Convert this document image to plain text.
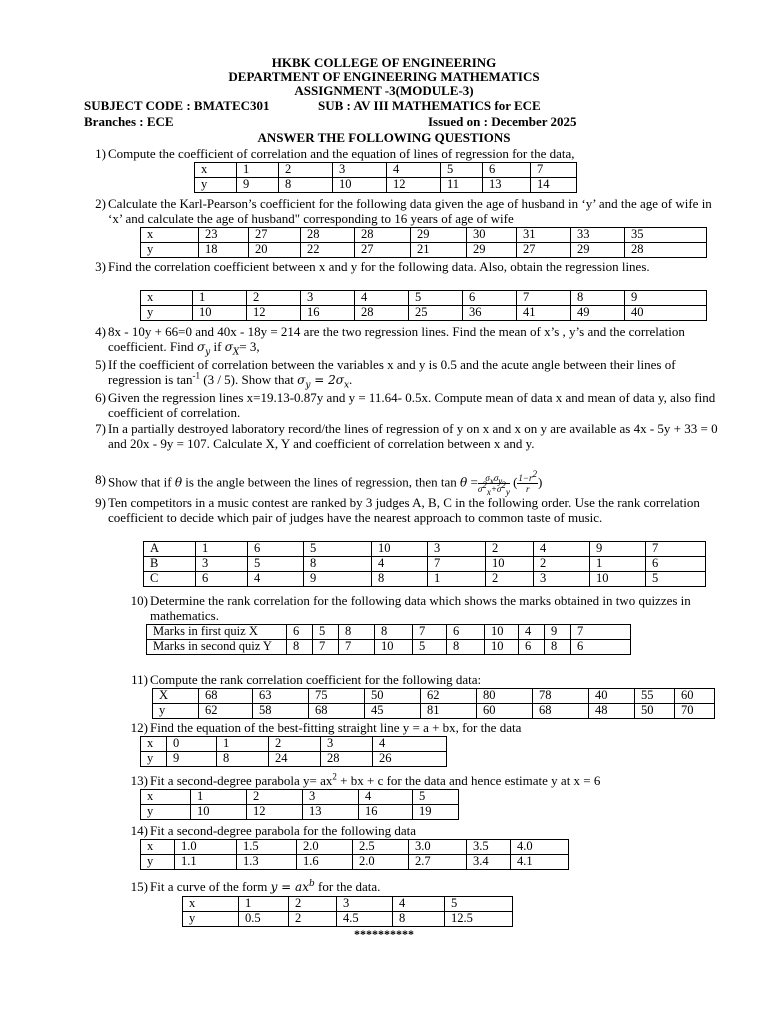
HKBK COLLEGE OF ENGINEERING
DEPARTMENT OF ENGINEERING MATHEMATICS
ASSIGNMENT -3(MODULE-3)
SUBJECT CODE : BMATEC301	SUB : AV III MATHEMATICS for ECE
Branches : ECE	Issued on : December 2025
ANSWER THE FOLLOWING QUESTIONS
1) Compute the coefficient of correlation and the equation of lines of regression for the data,
x	1	2	3	4	5	6	7
y	9	8	10	12	11	13	14
2) Calculate the Karl-Pearson’s coefficient for the following data given the age of husband in ‘y’ and the age of wife in ‘x’ and calculate the age of husband" corresponding to 16 years of age of wife
x	23	27	28	28	29	30	31	33	35	
y	18	20	22	27	21	29	27	29	28	
3) Find the correlation coefficient between x and y for the following data. Also, obtain the regression lines.
x	1	2	3	4	5	6	7	8	9	
y	10	12	16	28	25	36	41	49	40	
4) 8x - 10y + 66=0 and 40x - 18y = 214 are the two regression lines. Find the mean of x’s , y’s and the correlation coefficient. Find $\sigma_y$ if $\sigma_X= 3$,
5) If the coefficient of correlation between the variables x and y is 0.5 and the acute angle between their lines of regression is $\tan^{-1} (3 / 5)$. Show that $\sigma_y = 2\sigma_x$.
6) Given the regression lines x=19.13-0.87y and y = 11.64- 0.5x. Compute mean of data x and mean of data y, also find coefficient of correlation.
7) In a partially destroyed laboratory record/the lines of regression of y on x and x on y are available as 4x - 5y + 33 = 0 and 20x - 9y = 107. Calculate X, Y and coefficient of correlation between x and y.
8) Show that if θ is the angle between the lines of regression, then $\tan \theta = \frac{\sigma_x\sigma_y}{\sigma^2_x+\sigma^2_y}$ ( $\frac{1-r^2}{r}$ )
9) Ten competitors in a music contest are ranked by 3 judges A, B, C in the following order. Use the rank correlation coefficient to decide which pair of judges have the nearest approach to common taste of music.
A	1	6	5	10	3	2	4	9	7	
B	3	5	8	4	7	10	2	1	6	
C	6	4	9	8	1	2	3	10	5	
10) Determine the rank correlation for the following data which shows the marks obtained in two quizzes in mathematics.
Marks in first quiz X	6	5	8	8	7	6	10	4	9	7
Marks in second quiz Y	8	7	7	10	5	8	10	6	8	6
11) Compute the rank correlation coefficient for the following data:
X	68	63	75	50	62	80	78	40	55	60
y	62	58	68	45	81	60	68	48	50	70
12) Find the equation of the best-fitting straight line y = a + bx, for the data
x	0	1	2	3	4	
y	9	8	24	28	26	
13) Fit a second-degree parabola $y= ax^2$ + bx + c for the data and hence estimate y at x = 6
x	1	2	3	4	5
y	10	12	13	16	19
14) Fit a second-degree parabola for the following data
x	1.0	1.5	2.0	2.5	3.0	3.5	4.0
y	1.1	1.3	1.6	2.0	2.7	3.4	4.1
15) Fit a curve of the form $y = ax^b$ for the data.
x	1	2	3	4	5
y	0.5	2	4.5	8	12.5
**********
